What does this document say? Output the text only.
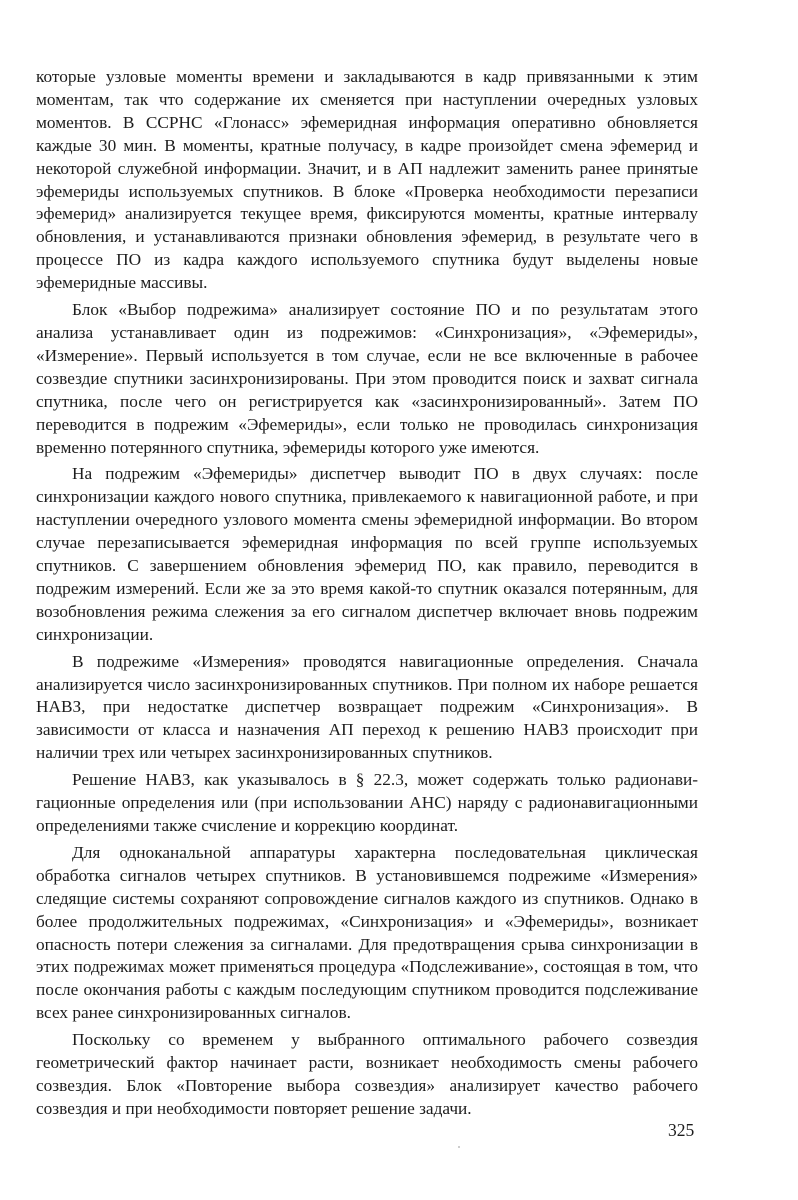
которые узловые моменты времени и закладываются в кадр привязанными к этим моментам, так что содержание их сменяется при наступлении очередных узловых моментов. В ССРНС «Глонасс» эфемеридная информация оперативно обновляется каждые 30 мин. В моменты, кратные получасу, в кадре произойдет смена эфемерид и некоторой служебной информации. Значит, и в АП надлежит заменить ранее принятые эфемериды используемых спутников. В блоке «Проверка необходимости перезаписи эфемерид» анализируется текущее время, фиксируются моменты, кратные интервалу обновления, и устанавливаются признаки обновления эфемерид, в результате чего в процессе ПО из кадра каждого используемого спутника будут выделены новые эфемеридные массивы.

Блок «Выбор подрежима» анализирует состояние ПО и по результатам этого анализа устанавливает один из подрежимов: «Синхронизация», «Эфемериды», «Измерение». Первый используется в том случае, если не все включенные в рабочее созвездие спутники засинхронизированы. При этом проводится поиск и захват сигнала спутника, после чего он регистрируется как «засинхронизированный». Затем ПО переводится в подрежим «Эфемериды», если только не проводилась синхронизация временно потерянного спутника, эфемериды которого уже имеются.

На подрежим «Эфемериды» диспетчер выводит ПО в двух случаях: после синхронизации каждого нового спутника, привлекаемого к навигационной работе, и при наступлении очередного узлового момента смены эфемеридной информации. Во втором случае перезаписывается эфемеридная информация по всей группе используемых спутников. С завершением обновления эфемерид ПО, как правило, переводится в подрежим измерений. Если же за это время какой-то спутник оказался потерянным, для возобновления режима слежения за его сигналом диспетчер включает вновь подрежим синхронизации.

В подрежиме «Измерения» проводятся навигационные определения. Сначала анализируется число засинхронизированных спутников. При полном их наборе решается НАВЗ, при недостатке диспетчер возвращает подрежим «Синхронизация». В зависимости от класса и назначения АП переход к решению НАВЗ происходит при наличии трех или четырех засинхронизированных спутников.

Решение НАВЗ, как указывалось в § 22.3, может содержать только радионавигационные определения или (при использовании АНС) наряду с радионавигационными определениями также счисление и коррекцию координат.

Для одноканальной аппаратуры характерна последовательная циклическая обработка сигналов четырех спутников. В установившемся подрежиме «Измерения» следящие системы сохраняют сопровождение сигналов каждого из спутников. Однако в более продолжительных подрежимах, «Синхронизация» и «Эфемериды», возникает опасность потери слежения за сигналами. Для предотвращения срыва синхронизации в этих подрежимах может применяться процедура «Подслеживание», состоящая в том, что после окончания работы с каждым последующим спутником проводится подслеживание всех ранее синхронизированных сигналов.

Поскольку со временем у выбранного оптимального рабочего созвездия геометрический фактор начинает расти, возникает необходимость смены рабочего созвездия. Блок «Повторение выбора созвездия» анализирует качество рабочего созвездия и при необходимости повторяет решение задачи.

325
